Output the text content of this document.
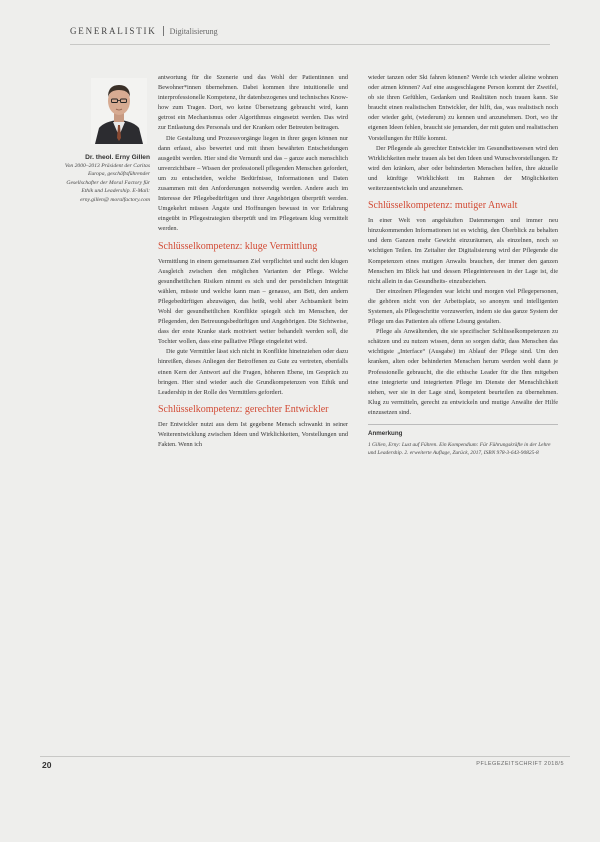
GENERALISTIK Digitalisierung
Dr. theol. Erny Gillen
Von 2000–2013 Präsident der Caritas Europa, geschäftsführender Gesellschafter der Moral Factory für Ethik und Leadership. E-Mail: erny.gillen@ moralfactory.com

antwortung für die Szenerie und das Wohl der Patientinnen und Bewohner*innen übernehmen. Dabei kommen ihre intuitionelle und interprofessionelle Kompetenz, ihr datenbezogenes und technisches Know-how zum Tragen. Dort, wo keine Übersetzung gebraucht wird, kann getrost ein Mechanismus oder Algorithmus eingesetzt werden. Das wird zur Entlastung des Personals und der Kranken oder Betreuten beitragen.

Die Gestaltung und Prozessvorgänge liegen in ihrer gegen können nur dann erfasst, also bewertet und mit ihnen bewährten Entscheidungen ausgeübt werden. Hier sind die Vernunft und das – ganze auch menschlich unverzichtbare – Wissen der professionell pflegenden Menschen gefordert, um zu entscheiden, welche Bedürfnisse, Informationen und Daten zusammen mit den Anforderungen notwendig werden. Andere auch im Interesse der Pflegebedürftigen und ihrer Angehörigen überprüft werden. Umgekehrt müssen Ängste und Hoffnungen bewusst in vor Erfahrung eingeübt in Pflegestrategien überprüft und im Pflegeteam klug vermittelt werden.

Schlüsselkompetenz: kluge Vermittlung

Vermittlung in einem gemeinsamen Ziel verpflichtet und sucht den klugen Ausgleich zwischen den möglichen Varianten der Pflege. Welche gesundheitlichen Risiken nimmt es sich und der persönlichen Integrität wählen, müsste und welche kann man – genauso, am Bett, den andern Pflegebedürftigen abzuwägen, das heißt, wohl aber Achtsamkeit beim Wohl der gesundheitlichen Konflikte spiegelt sich im Menschen, der Pflegenden, den Betreuungsbedürftigen und Angehörigen. Die Sichtweise, dass der erste Kranke stark motiviert weiter behandelt werden soll, die Tochter wollen, dass eine palliative Pflege eingeleitet wird.

Die gute Vermittler lässt sich nicht in Konflikte hineinziehen oder dazu hinreißen, dieses Anliegen der Betroffenen zu Gute zu vertreten, ebenfalls einen Kern der Antwort auf die Fragen, höheren Ebene, im Gespräch zu bringen. Hier sind wieder auch die Grundkompetenzen von Ethik und Leadership in der Rolle des Vermittlers gefordert.

Schlüsselkompetenz: gerechter Entwickler

Der Entwickler nutzt aus dem Ist gegebene Mensch schwankt in seiner Weiterentwicklung zwischen Ideen und Wirklichkeiten, Vorstellungen und Fakten. Wenn ich

wieder tanzen oder Ski fahren können? Werde ich wieder alleine wohnen oder atmen können? Auf eine ausgeschlagene Person kommt der Zweifel, ob sie ihren Gefühlen, Gedanken und Realitäten noch trauen kann. Sie braucht einen realistischen Entwickler, der hilft, das, was realistisch noch oder wieder geht, (wiederum) zu kennen und anzunehmen. Dort, wo ihr eigenen Ideen fehlen, braucht sie jemanden, der mit guten und realistischen Vorstellungen ihr Hilfe kommt.

Der Pflegende als gerechter Entwickler im Gesundheitswesen wird den Wirklichkeiten mehr trauen als bei den Ideen und Wunschvorstellungen. Er wird den kränken, aber oder behinderten Menschen helfen, ihre aktuelle und künftige Wirklichkeit im Rahmen der Möglichkeiten weiterzuentwickeln und anzunehmen.

Schlüsselkompetenz: mutiger Anwalt

In einer Welt von angehäuften Datenmengen und immer neu hinzukommenden Informationen ist es wichtig, den Überblick zu behalten und dem Ganzen mehr Gewicht einzuräumen, als einzelnen, noch so wichtigen Teilen. Im Zeitalter der Digitalisierung wird der Pflegende die Kompetenzen eines mutigen Anwalts brauchen, der immer den ganzen Menschen im Blick hat und dessen Pflegeinteressen in der Lage ist, die nicht allein in das Gesundheits- einzubeziehen.

Der einzelnen Pflegenden war leicht und morgen viel Pflegepersonen, die gehören nicht von der Arbeitsplatz, so anonym und intelligenten Systemen, als Pflegeschritte vorzuwerfen, indem sie das ganze System der Pflege um das Patienten als offene Lösung gestalten.

Pflege als Anwältenden, die sie spezifischer Schlüsselkompetenzen zu schätzen und zu nutzen wissen, denn so sorgen dafür, dass Menschen das wichtigste „Interface“ (Ausgabe) im Ablauf der Pflege sind. Um den kranken, alten oder behinderten Menschen herum werden wohl dann je Professionelle gebraucht, die die ethische Leader für die Ihm mitgeben eine integrierte und integrierten Pflege im Dienste der Menschlichkeit stehen, wer sie in der Lage sind, kompetent beurteilen zu übernehmen. Klug zu vermitteln, gerecht zu entwickeln und mutige Anwälte der Hilfe einzusetzen sind.

Anmerkung
1 Gillen, Erny: Lust auf Führen. Ein Kompendium: Für Führungskräfte in der Lehre und Leadership. 2. erweiterte Auflage, Zurück, 2017, ISBN 978-3-643-90825-8
20	PFLEGEZEITSCHRIFT 2018/5
